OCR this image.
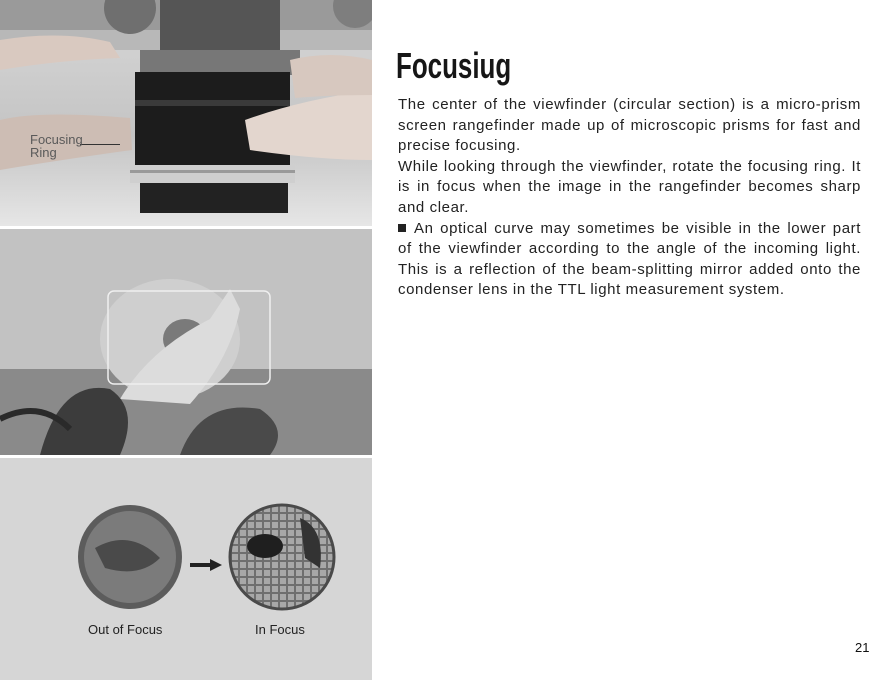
Focusing Ring
Out of Focus	In Focus
Focusiug

The center of the viewfinder (circular section) is a micro-prism screen rangefinder made up of microscopic prisms for fast and precise focusing.

While looking through the viewfinder, rotate the focusing ring. It is in focus when the image in the rangefinder becomes sharp and clear.

An optical curve may sometimes be visible in the lower part of the viewfinder according to the angle of the incoming light. This is a reflection of the beam-splitting mirror added onto the condenser lens in the TTL light measurement system.

21
